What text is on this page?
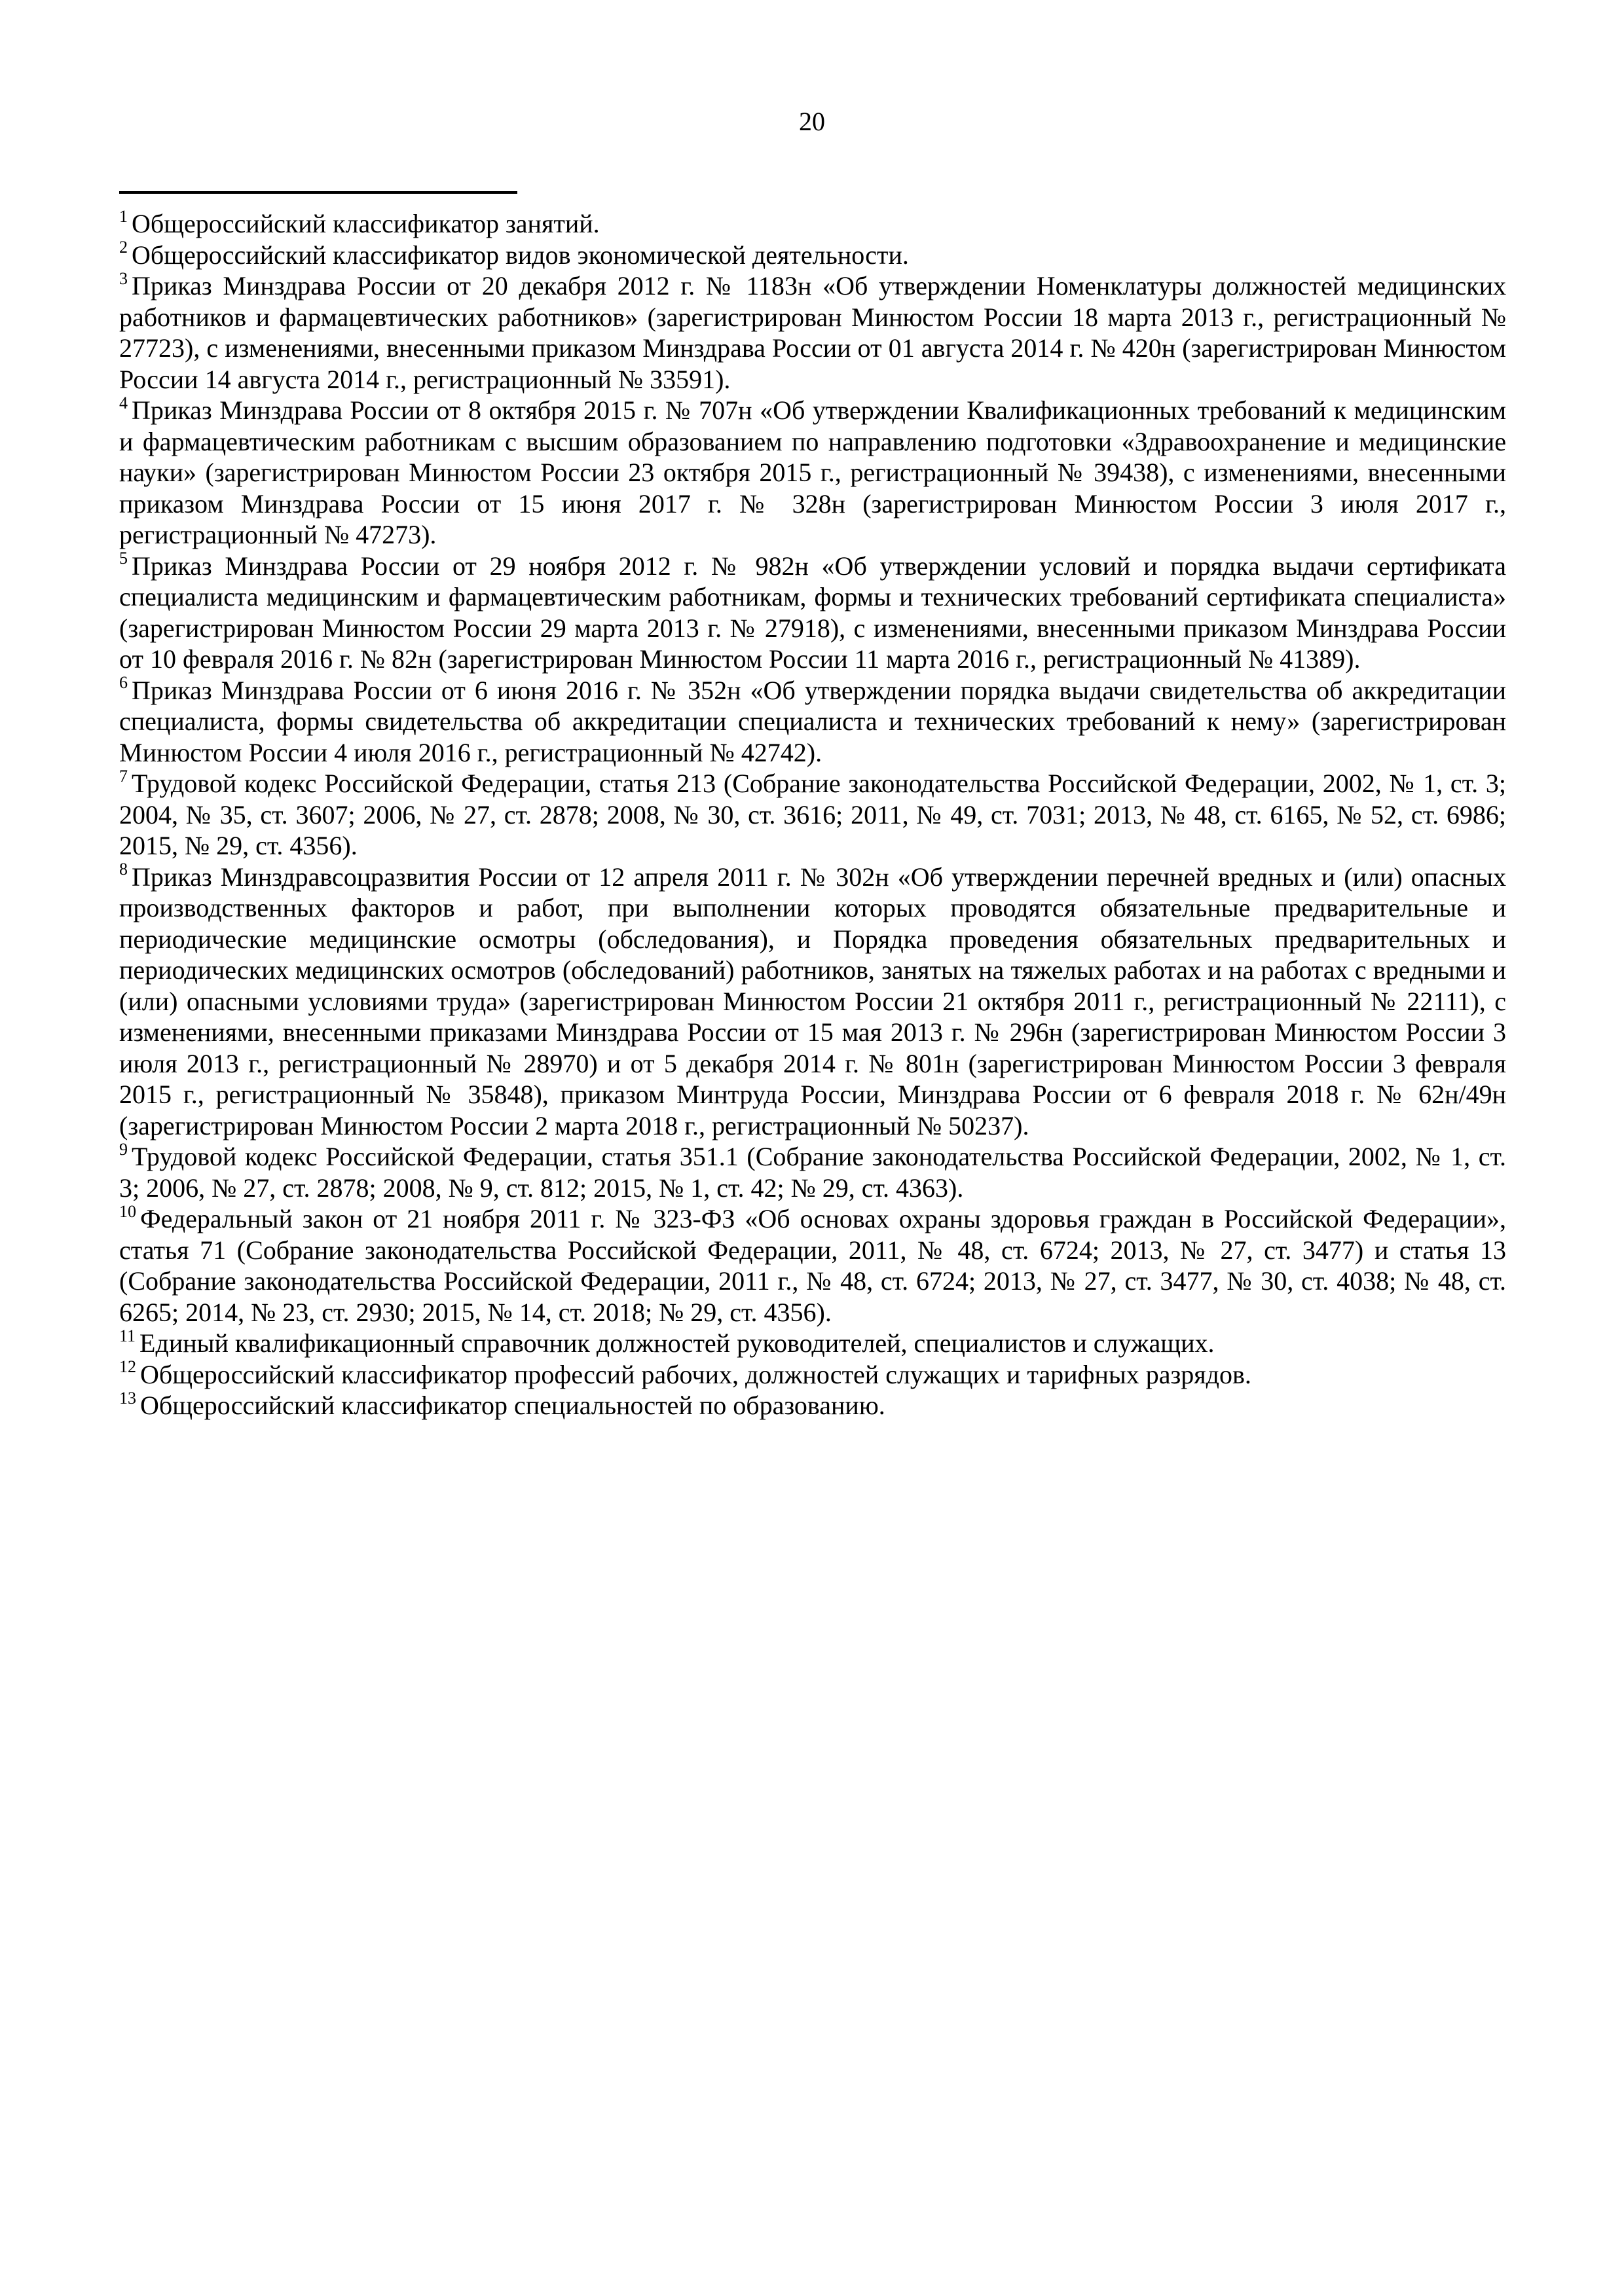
20

$^1$ Общероссийский классификатор занятий.

$^2$ Общероссийский классификатор видов экономической деятельности.

$^3$ Приказ Минздрава России от 20 декабря 2012 г. № 1183н «Об утверждении Номенклатуры должностей медицинских работников и фармацевтических работников» (зарегистрирован Минюстом России 18 марта 2013 г., регистрационный № 27723), с изменениями, внесенными приказом Минздрава России от 01 августа 2014 г. № 420н (зарегистрирован Минюстом России 14 августа 2014 г., регистрационный № 33591).

$^4$ Приказ Минздрава России от 8 октября 2015 г. № 707н «Об утверждении Квалификационных требований к медицинским и фармацевтическим работникам с высшим образованием по направлению подготовки «Здравоохранение и медицинские науки» (зарегистрирован Минюстом России 23 октября 2015 г., регистрационный № 39438), с изменениями, внесенными приказом Минздрава России от 15 июня 2017 г. № 328н (зарегистрирован Минюстом России 3 июля 2017 г., регистрационный № 47273).

$^5$ Приказ Минздрава России от 29 ноября 2012 г. № 982н «Об утверждении условий и порядка выдачи сертификата специалиста медицинским и фармацевтическим работникам, формы и технических требований сертификата специалиста» (зарегистрирован Минюстом России 29 марта 2013 г. № 27918), с изменениями, внесенными приказом Минздрава России от 10 февраля 2016 г. № 82н (зарегистрирован Минюстом России 11 марта 2016 г., регистрационный № 41389).

$^6$ Приказ Минздрава России от 6 июня 2016 г. № 352н «Об утверждении порядка выдачи свидетельства об аккредитации специалиста, формы свидетельства об аккредитации специалиста и технических требований к нему» (зарегистрирован Минюстом России 4 июля 2016 г., регистрационный № 42742).

$^7$ Трудовой кодекс Российской Федерации, статья 213 (Собрание законодательства Российской Федерации, 2002, № 1, ст. 3; 2004, № 35, ст. 3607; 2006, № 27, ст. 2878; 2008, № 30, ст. 3616; 2011, № 49, ст. 7031; 2013, № 48, ст. 6165, № 52, ст. 6986; 2015, № 29, ст. 4356).

$^8$ Приказ Минздравсоцразвития России от 12 апреля 2011 г. № 302н «Об утверждении перечней вредных и (или) опасных производственных факторов и работ, при выполнении которых проводятся обязательные предварительные и периодические медицинские осмотры (обследования), и Порядка проведения обязательных предварительных и периодических медицинских осмотров (обследований) работников, занятых на тяжелых работах и на работах с вредными и (или) опасными условиями труда» (зарегистрирован Минюстом России 21 октября 2011 г., регистрационный № 22111), с изменениями, внесенными приказами Минздрава России от 15 мая 2013 г. № 296н (зарегистрирован Минюстом России 3 июля 2013 г., регистрационный № 28970) и от 5 декабря 2014 г. № 801н (зарегистрирован Минюстом России 3 февраля 2015 г., регистрационный № 35848), приказом Минтруда России, Минздрава России от 6 февраля 2018 г. № 62н/49н (зарегистрирован Минюстом России 2 марта 2018 г., регистрационный № 50237).

$^9$ Трудовой кодекс Российской Федерации, статья 351.1 (Собрание законодательства Российской Федерации, 2002, № 1, ст. 3; 2006, № 27, ст. 2878; 2008, № 9, ст. 812; 2015, № 1, ст. 42; № 29, ст. 4363).

$^{10}$ Федеральный закон от 21 ноября 2011 г. № 323-ФЗ «Об основах охраны здоровья граждан в Российской Федерации», статья 71 (Собрание законодательства Российской Федерации, 2011, № 48, ст. 6724; 2013, № 27, ст. 3477) и статья 13 (Собрание законодательства Российской Федерации, 2011 г., № 48, ст. 6724; 2013, № 27, ст. 3477, № 30, ст. 4038; № 48, ст. 6265; 2014, № 23, ст. 2930; 2015, № 14, ст. 2018; № 29, ст. 4356).

$^{11}$ Единый квалификационный справочник должностей руководителей, специалистов и служащих.

$^{12}$ Общероссийский классификатор профессий рабочих, должностей служащих и тарифных разрядов.

$^{13}$ Общероссийский классификатор специальностей по образованию.
